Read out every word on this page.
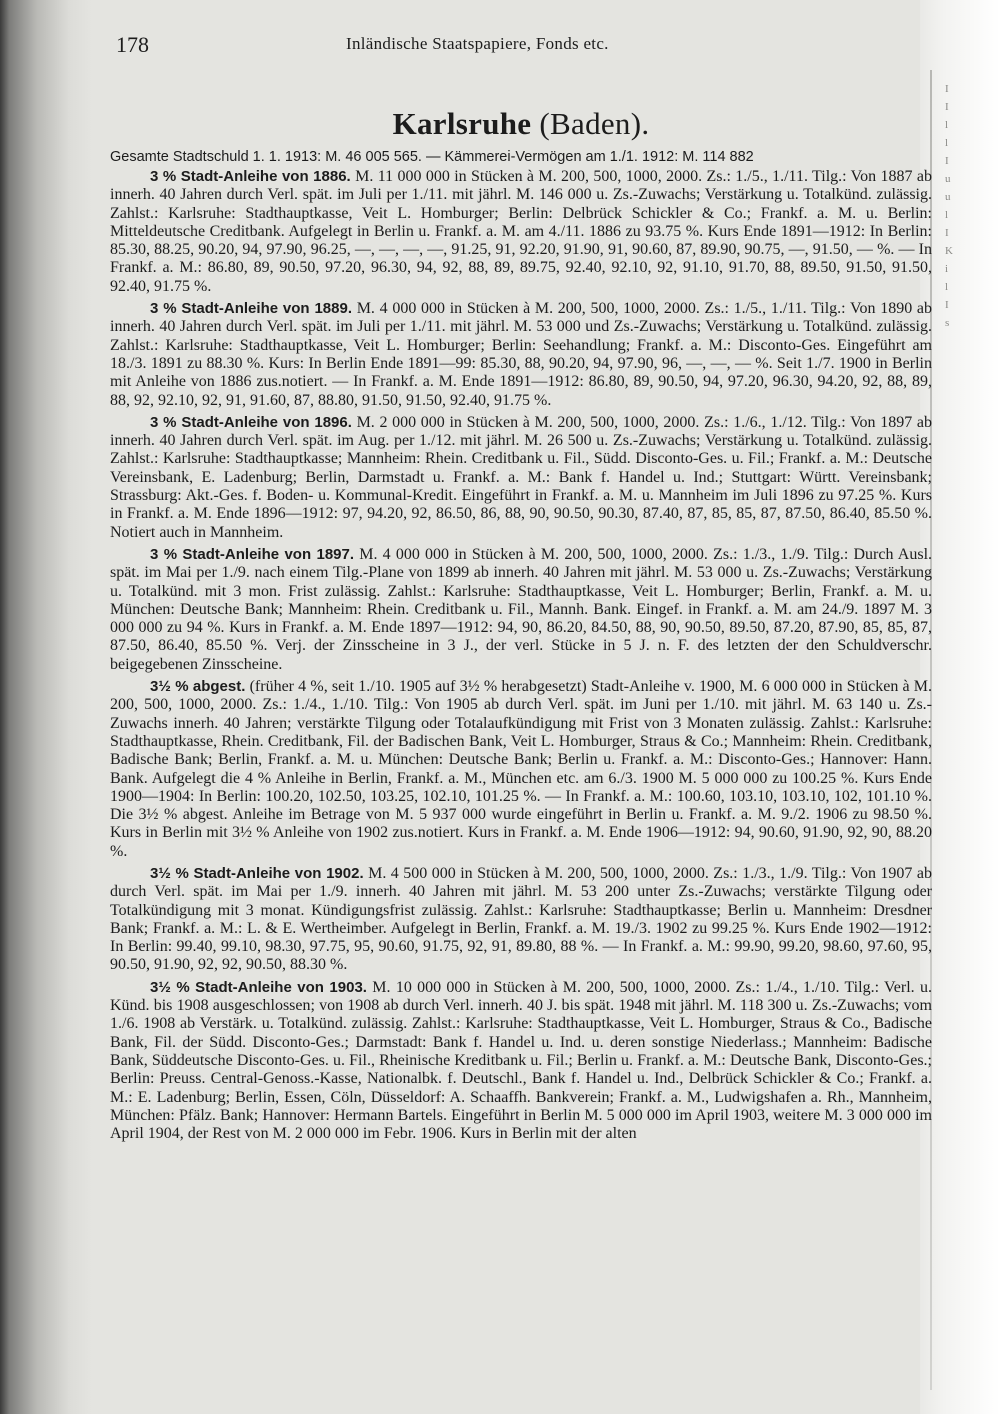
178	Inländische Staatspapiere, Fonds etc.
Karlsruhe (Baden).
Gesamte Stadtschuld 1. 1. 1913: M. 46 005 565. — Kämmerei-Vermögen am 1./1. 1912: M. 114 882

3 % Stadt-Anleihe von 1886. M. 11 000 000 in Stücken à M. 200, 500, 1000, 2000. Zs.: 1./5., 1./11. Tilg.: Von 1887 ab innerh. 40 Jahren durch Verl. spät. im Juli per 1./11. mit jährl. M. 146 000 u. Zs.-Zuwachs; Verstärkung u. Totalkünd. zulässig. Zahlst.: Karlsruhe: Stadthauptkasse, Veit L. Homburger; Berlin: Delbrück Schickler & Co.; Frankf. a. M. u. Berlin: Mitteldeutsche Creditbank. Aufgelegt in Berlin u. Frankf. a. M. am 4./11. 1886 zu 93.75 %. Kurs Ende 1891—1912: In Berlin: 85.30, 88.25, 90.20, 94, 97.90, 96.25, —, —, —, —, 91.25, 91, 92.20, 91.90, 91, 90.60, 87, 89.90, 90.75, —, 91.50, — %. — In Frankf. a. M.: 86.80, 89, 90.50, 97.20, 96.30, 94, 92, 88, 89, 89.75, 92.40, 92.10, 92, 91.10, 91.70, 88, 89.50, 91.50, 91.50, 92.40, 91.75 %.

3 % Stadt-Anleihe von 1889. M. 4 000 000 in Stücken à M. 200, 500, 1000, 2000. Zs.: 1./5., 1./11. Tilg.: Von 1890 ab innerh. 40 Jahren durch Verl. spät. im Juli per 1./11. mit jährl. M. 53 000 und Zs.-Zuwachs; Verstärkung u. Totalkünd. zulässig. Zahlst.: Karlsruhe: Stadthauptkasse, Veit L. Homburger; Berlin: Seehandlung; Frankf. a. M.: Disconto-Ges. Eingeführt am 18./3. 1891 zu 88.30 %. Kurs: In Berlin Ende 1891—99: 85.30, 88, 90.20, 94, 97.90, 96, —, —, — %. Seit 1./7. 1900 in Berlin mit Anleihe von 1886 zus.notiert. — In Frankf. a. M. Ende 1891—1912: 86.80, 89, 90.50, 94, 97.20, 96.30, 94.20, 92, 88, 89, 88, 92, 92.10, 92, 91, 91.60, 87, 88.80, 91.50, 91.50, 92.40, 91.75 %.

3 % Stadt-Anleihe von 1896. M. 2 000 000 in Stücken à M. 200, 500, 1000, 2000. Zs.: 1./6., 1./12. Tilg.: Von 1897 ab innerh. 40 Jahren durch Verl. spät. im Aug. per 1./12. mit jährl. M. 26 500 u. Zs.-Zuwachs; Verstärkung u. Totalkünd. zulässig. Zahlst.: Karlsruhe: Stadthauptkasse; Mannheim: Rhein. Creditbank u. Fil., Südd. Disconto-Ges. u. Fil.; Frankf. a. M.: Deutsche Vereinsbank, E. Ladenburg; Berlin, Darmstadt u. Frankf. a. M.: Bank f. Handel u. Ind.; Stuttgart: Württ. Vereinsbank; Strassburg: Akt.-Ges. f. Boden- u. Kommunal-Kredit. Eingeführt in Frankf. a. M. u. Mannheim im Juli 1896 zu 97.25 %. Kurs in Frankf. a. M. Ende 1896—1912: 97, 94.20, 92, 86.50, 86, 88, 90, 90.50, 90.30, 87.40, 87, 85, 85, 87, 87.50, 86.40, 85.50 %. Notiert auch in Mannheim.

3 % Stadt-Anleihe von 1897. M. 4 000 000 in Stücken à M. 200, 500, 1000, 2000. Zs.: 1./3., 1./9. Tilg.: Durch Ausl. spät. im Mai per 1./9. nach einem Tilg.-Plane von 1899 ab innerh. 40 Jahren mit jährl. M. 53 000 u. Zs.-Zuwachs; Verstärkung u. Totalkünd. mit 3 mon. Frist zulässig. Zahlst.: Karlsruhe: Stadthauptkasse, Veit L. Homburger; Berlin, Frankf. a. M. u. München: Deutsche Bank; Mannheim: Rhein. Creditbank u. Fil., Mannh. Bank. Eingef. in Frankf. a. M. am 24./9. 1897 M. 3 000 000 zu 94 %. Kurs in Frankf. a. M. Ende 1897—1912: 94, 90, 86.20, 84.50, 88, 90, 90.50, 89.50, 87.20, 87.90, 85, 85, 87, 87.50, 86.40, 85.50 %. Verj. der Zinsscheine in 3 J., der verl. Stücke in 5 J. n. F. des letzten der den Schuldverschr. beigegebenen Zinsscheine.

3½ % abgest. (früher 4 %, seit 1./10. 1905 auf 3½ % herabgesetzt) Stadt-Anleihe v. 1900, M. 6 000 000 in Stücken à M. 200, 500, 1000, 2000. Zs.: 1./4., 1./10. Tilg.: Von 1905 ab durch Verl. spät. im Juni per 1./10. mit jährl. M. 63 140 u. Zs.-Zuwachs innerh. 40 Jahren; verstärkte Tilgung oder Totalaufkündigung mit Frist von 3 Monaten zulässig. Zahlst.: Karlsruhe: Stadthauptkasse, Rhein. Creditbank, Fil. der Badischen Bank, Veit L. Homburger, Straus & Co.; Mannheim: Rhein. Creditbank, Badische Bank; Berlin, Frankf. a. M. u. München: Deutsche Bank; Berlin u. Frankf. a. M.: Disconto-Ges.; Hannover: Hann. Bank. Aufgelegt die 4 % Anleihe in Berlin, Frankf. a. M., München etc. am 6./3. 1900 M. 5 000 000 zu 100.25 %. Kurs Ende 1900—1904: In Berlin: 100.20, 102.50, 103.25, 102.10, 101.25 %. — In Frankf. a. M.: 100.60, 103.10, 103.10, 102, 101.10 %. Die 3½ % abgest. Anleihe im Betrage von M. 5 937 000 wurde eingeführt in Berlin u. Frankf. a. M. 9./2. 1906 zu 98.50 %. Kurs in Berlin mit 3½ % Anleihe von 1902 zus.notiert. Kurs in Frankf. a. M. Ende 1906—1912: 94, 90.60, 91.90, 92, 90, 88.20 %.

3½ % Stadt-Anleihe von 1902. M. 4 500 000 in Stücken à M. 200, 500, 1000, 2000. Zs.: 1./3., 1./9. Tilg.: Von 1907 ab durch Verl. spät. im Mai per 1./9. innerh. 40 Jahren mit jährl. M. 53 200 unter Zs.-Zuwachs; verstärkte Tilgung oder Totalkündigung mit 3 monat. Kündigungsfrist zulässig. Zahlst.: Karlsruhe: Stadthauptkasse; Berlin u. Mannheim: Dresdner Bank; Frankf. a. M.: L. & E. Wertheimber. Aufgelegt in Berlin, Frankf. a. M. 19./3. 1902 zu 99.25 %. Kurs Ende 1902—1912: In Berlin: 99.40, 99.10, 98.30, 97.75, 95, 90.60, 91.75, 92, 91, 89.80, 88 %. — In Frankf. a. M.: 99.90, 99.20, 98.60, 97.60, 95, 90.50, 91.90, 92, 92, 90.50, 88.30 %.

3½ % Stadt-Anleihe von 1903. M. 10 000 000 in Stücken à M. 200, 500, 1000, 2000. Zs.: 1./4., 1./10. Tilg.: Verl. u. Künd. bis 1908 ausgeschlossen; von 1908 ab durch Verl. innerh. 40 J. bis spät. 1948 mit jährl. M. 118 300 u. Zs.-Zuwachs; vom 1./6. 1908 ab Verstärk. u. Totalkünd. zulässig. Zahlst.: Karlsruhe: Stadthauptkasse, Veit L. Homburger, Straus & Co., Badische Bank, Fil. der Südd. Disconto-Ges.; Darmstadt: Bank f. Handel u. Ind. u. deren sonstige Niederlass.; Mannheim: Badische Bank, Süddeutsche Disconto-Ges. u. Fil., Rheinische Kreditbank u. Fil.; Berlin u. Frankf. a. M.: Deutsche Bank, Disconto-Ges.; Berlin: Preuss. Central-Genoss.-Kasse, Nationalbk. f. Deutschl., Bank f. Handel u. Ind., Delbrück Schickler & Co.; Frankf. a. M.: E. Ladenburg; Berlin, Essen, Cöln, Düsseldorf: A. Schaaffh. Bankverein; Frankf. a. M., Ludwigshafen a. Rh., Mannheim, München: Pfälz. Bank; Hannover: Hermann Bartels. Eingeführt in Berlin M. 5 000 000 im April 1903, weitere M. 3 000 000 im April 1904, der Rest von M. 2 000 000 im Febr. 1906. Kurs in Berlin mit der alten

I
I
l
l
I
u
u
l
I
K
i
l
I
s
